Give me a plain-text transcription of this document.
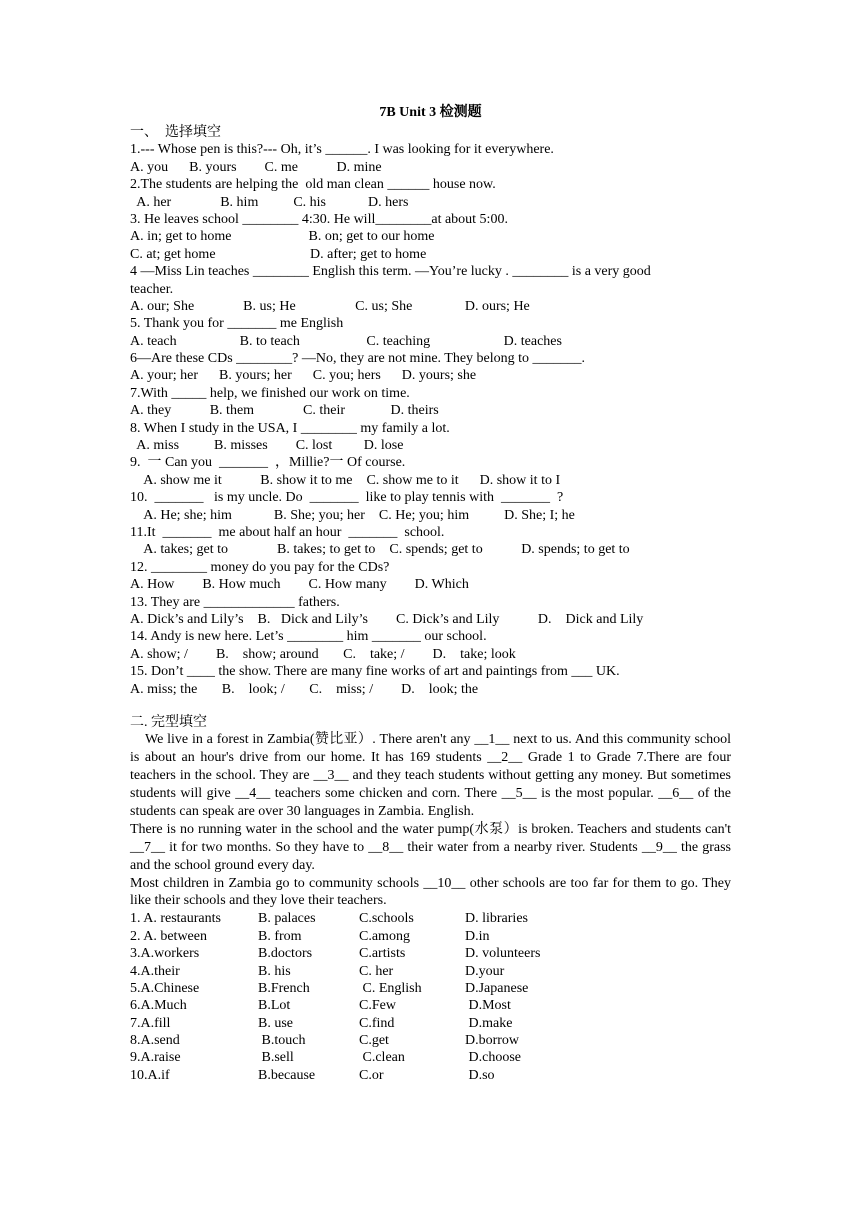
7B Unit 3 检测题
一、  选择填空
1.--- Whose pen is this?--- Oh, it’s ______. I was looking for it everywhere.
A. you      B. yours        C. me           D. mine
2.The students are helping the  old man clean ______ house now.
A. her              B. him          C. his            D. hers
3. He leaves school ________ 4:30. He will________at about 5:00.
A. in; get to home                      B. on; get to our home
C. at; get home                           D. after; get to home
4 —Miss Lin teaches ________ English this term. —You’re lucky . ________ is a very good
teacher.
A. our; She              B. us; He                 C. us; She               D. ours; He
5. Thank you for _______ me English
A. teach                  B. to teach                   C. teaching                     D. teaches
6—Are these CDs ________? —No, they are not mine. They belong to _______.
A. your; her      B. yours; her      C. you; hers      D. yours; she
7.With _____ help, we finished our work on time.
A. they           B. them              C. their             D. theirs
8. When I study in the USA, I ________ my family a lot.
A. miss          B. misses        C. lost         D. lose
9.  一 Can you  _______  ，Millie?一 Of course.
A. show me it           B. show it to me    C. show me to it      D. show it to I
10.  _______   is my uncle. Do  _______  like to play tennis with  _______  ?
A. He; she; him            B. She; you; her    C. He; you; him          D. She; I; he
11.It  _______  me about half an hour  _______  school.
A. takes; get to              B. takes; to get to    C. spends; get to           D. spends; to get to
12. ________ money do you pay for the CDs?
A. How        B. How much        C. How many        D. Which
13. They are _____________ fathers.
A. Dick’s and Lily’s    B.   Dick and Lily’s        C. Dick’s and Lily           D.    Dick and Lily
14. Andy is new here. Let’s ________ him _______ our school.
A. show; /        B.    show; around       C.    take; /        D.    take; look
15. Don’t ____ the show. There are many fine works of art and paintings from ___ UK.
A. miss; the       B.    look; /       C.    miss; /        D.    look; the
二. 完型填空

We live in a forest in Zambia(赞比亚）. There aren't any __1__ next to us. And this community school is about an hour's drive from our home. It has 169 students __2__ Grade 1 to Grade 7.There are four teachers in the school. They are __3__ and they teach students without getting any money. But sometimes students will give __4__ teachers some chicken and corn. There __5__ is the most popular. __6__ of the students can speak are over 30 languages in Zambia. English.

There is no running water in the school and the water pump(水泵）is broken. Teachers and students can't __7__ it for two months. So they have to __8__ their water from a nearby river. Students __9__ the grass and the school ground every day.

Most children in Zambia go to community schools __10__ other schools are too far for them to go. They like their schools and they love their teachers.

1. A. restaurants	B. palaces	C.schools	D. libraries
2. A. between	B. from	C.among	D.in
3.A.workers	B.doctors	C.artists	D. volunteers
4.A.their	B. his	C. her	D.your
5.A.Chinese	B.French	C. English	D.Japanese
6.A.Much	B.Lot	C.Few	D.Most
7.A.fill	B. use	C.find	D.make
8.A.send	B.touch	C.get	D.borrow
9.A.raise	B.sell	C.clean	D.choose
10.A.if	B.because	C.or	D.so
